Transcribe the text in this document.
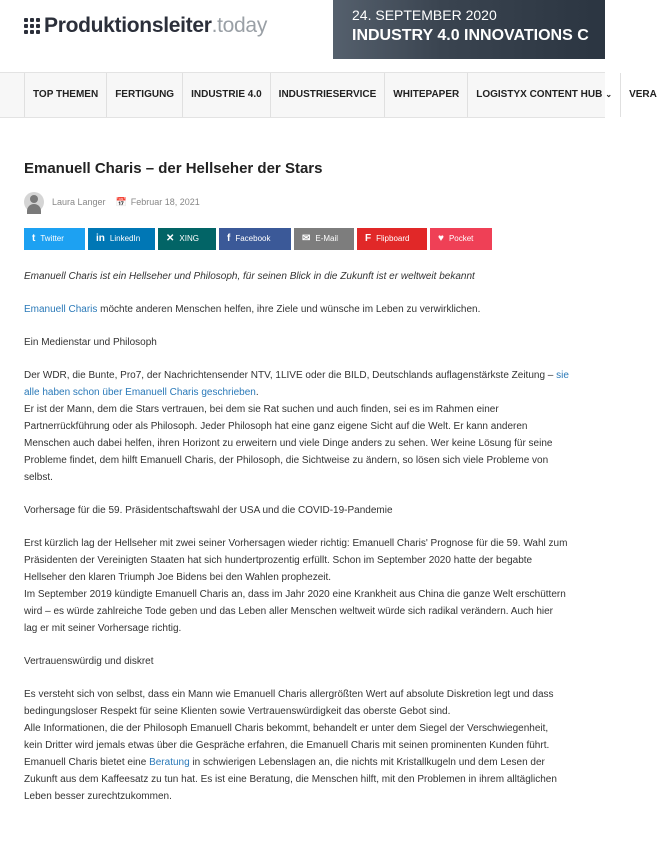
Produktionsleiter .today	24. SEPTEMBER 2020
INDUSTRY 4.0 INNOVATIONS C
TOP THEMEN	FERTIGUNG	INDUSTRIE 4.0	INDUSTRIESERVICE	WHITEPAPER	LOGISTYX CONTENT HUB ⌄	VERA
Emanuell Charis – der Hellseher der Stars
Laura Langer 📅 Februar 18, 2021
t Twitter	in LinkedIn	✕ XING	f Facebook	✉ E-Mail	F Flipboard	♥ Pocket

Emanuell Charis ist ein Hellseher und Philosoph, für seinen Blick in die Zukunft ist er weltweit bekannt

Emanuell Charis möchte anderen Menschen helfen, ihre Ziele und wünsche im Leben zu verwirklichen.

Ein Medienstar und Philosoph

Der WDR, die Bunte, Pro7, der Nachrichtensender NTV, 1LIVE oder die BILD, Deutschlands auflagenstärkste Zeitung – sie alle haben schon über Emanuell Charis geschrieben.
Er ist der Mann, dem die Stars vertrauen, bei dem sie Rat suchen und auch finden, sei es im Rahmen einer Partnerrückführung oder als Philosoph. Jeder Philosoph hat eine ganz eigene Sicht auf die Welt. Er kann anderen Menschen auch dabei helfen, ihren Horizont zu erweitern und viele Dinge anders zu sehen. Wer keine Lösung für seine Probleme findet, dem hilft Emanuell Charis, der Philosoph, die Sichtweise zu ändern, so lösen sich viele Probleme von selbst.

Vorhersage für die 59. Präsidentschaftswahl der USA und die COVID-19-Pandemie

Erst kürzlich lag der Hellseher mit zwei seiner Vorhersagen wieder richtig: Emanuell Charis' Prognose für die 59. Wahl zum Präsidenten der Vereinigten Staaten hat sich hundertprozentig erfüllt. Schon im September 2020 hatte der begabte Hellseher den klaren Triumph Joe Bidens bei den Wahlen prophezeit.
Im September 2019 kündigte Emanuell Charis an, dass im Jahr 2020 eine Krankheit aus China die ganze Welt erschüttern wird – es würde zahlreiche Tode geben und das Leben aller Menschen weltweit würde sich radikal verändern. Auch hier lag er mit seiner Vorhersage richtig.

Vertrauenswürdig und diskret

Es versteht sich von selbst, dass ein Mann wie Emanuell Charis allergrößten Wert auf absolute Diskretion legt und dass bedingungsloser Respekt für seine Klienten sowie Vertrauenswürdigkeit das oberste Gebot sind.
Alle Informationen, die der Philosoph Emanuell Charis bekommt, behandelt er unter dem Siegel der Verschwiegenheit, kein Dritter wird jemals etwas über die Gespräche erfahren, die Emanuell Charis mit seinen prominenten Kunden führt.
Emanuell Charis bietet eine Beratung in schwierigen Lebenslagen an, die nichts mit Kristallkugeln und dem Lesen der Zukunft aus dem Kaffeesatz zu tun hat. Es ist eine Beratung, die Menschen hilft, mit den Problemen in ihrem alltäglichen Leben besser zurechtzukommen.
